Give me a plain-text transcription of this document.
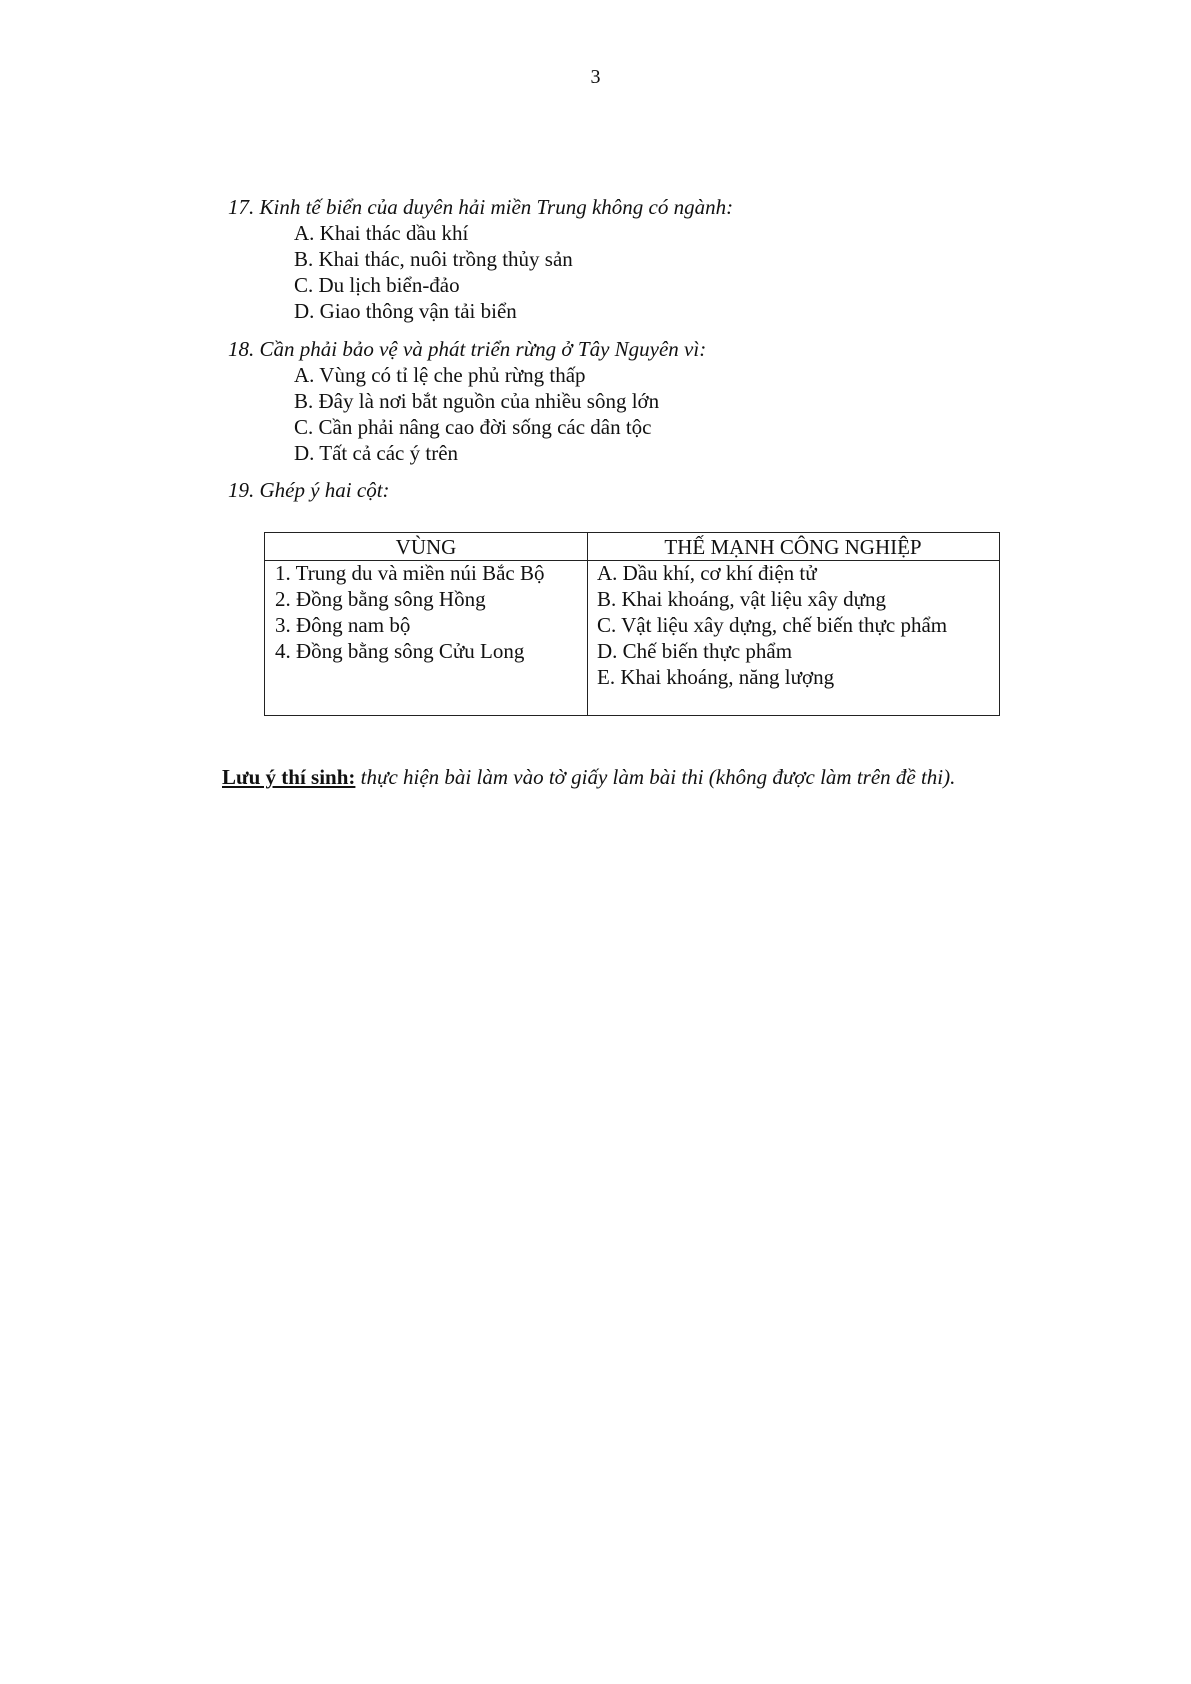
3
17. Kinh tế biển của duyên hải miền Trung không có ngành:
A. Khai thác dầu khí
B. Khai thác, nuôi trồng thủy sản
C. Du lịch biển-đảo
D. Giao thông vận tải biển
18. Cần phải bảo vệ và phát triển rừng ở Tây Nguyên vì:
A. Vùng có tỉ lệ che phủ rừng thấp
B. Đây là nơi bắt nguồn của nhiều sông lớn
C. Cần phải nâng cao đời sống các dân tộc
D. Tất cả các ý trên
19. Ghép ý hai cột:
VÙNG	THẾ MẠNH CÔNG NGHIỆP
1. Trung du và miền núi Bắc Bộ
2. Đồng bằng sông Hồng
3. Đông nam bộ
4. Đồng bằng sông Cửu Long
A. Dầu khí, cơ khí điện tử
B. Khai khoáng, vật liệu xây dựng
C. Vật liệu xây dựng, chế biến thực phẩm
D. Chế biến thực phẩm
E. Khai khoáng, năng lượng
Lưu ý thí sinh: thực hiện bài làm vào tờ giấy làm bài thi (không được làm trên đề thi).
